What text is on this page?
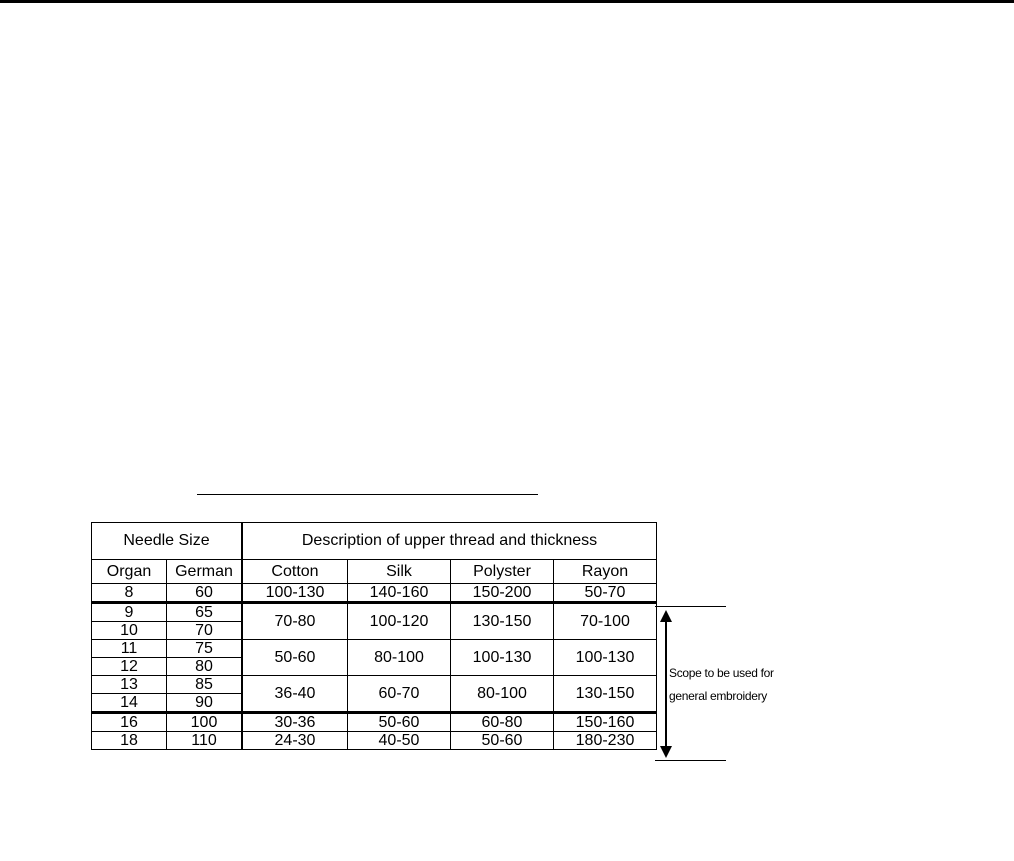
Needle Size		Description of upper thread and thickness			
Organ	German	Cotton	Silk	Polyster	Rayon
8	60	100-130	140-160	150-200	50-70
9	65	70-80	100-120	130-150	70-100
10	70				
11	75	50-60	80-100	100-130	100-130
12	80				
13	85	36-40	60-70	80-100	130-150
14	90				
16	100	30-36	50-60	60-80	150-160
18	110	24-30	40-50	50-60	180-230
Scope to be used for
general embroidery
